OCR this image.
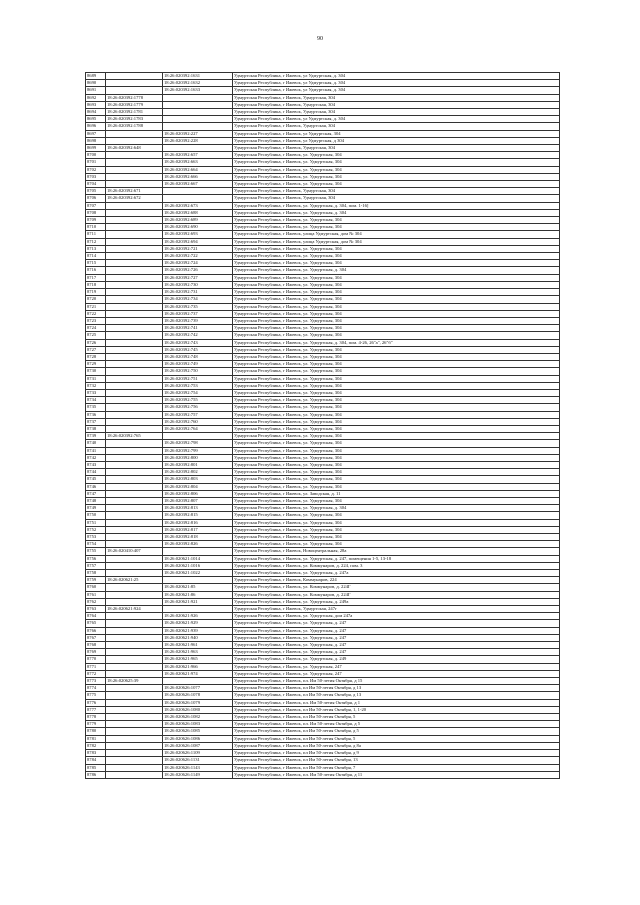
90
8689		18:26:020392:1631	Удмуртская Республика, г Ижевск, ул Удмуртская, д. 304
8690		18:26:020392:1632	Удмуртская Республика, г Ижевск, ул Удмуртская, д. 304
8691		18:26:020392:1633	Удмуртская Республика, г Ижевск, ул Удмуртская, д. 304
8692	18:26:020392:1778		Удмуртская Республика, г Ижевск, Удмуртская, 304
8693	18:26:020392:1779		Удмуртская Республика, г Ижевск, Удмуртская, 304
8694	18:26:020392:1781		Удмуртская Республика, г Ижевск, Удмуртская, 304
8695	18:26:020392:1783		Удмуртская Республика, г Ижевск, ул Удмуртская, д. 304
8696	18:26:020392:1788		Удмуртская Республика, г Ижевск, Удмуртская, 304
8697		18:26:020392:227	Удмуртская Республика, г Ижевск, ул Удмуртская, 304
8698		18:26:020392:228	Удмуртская Республика, г Ижевск, ул Удмуртская, д 304
8699	18:26:020392:648		Удмуртская Республика, г Ижевск, Удмуртская, 304
8700		18:26:020392:657	Удмуртская Республика, г Ижевск, ул. Удмуртская, 304
8701		18:26:020392:663	Удмуртская Республика, г Ижевск, ул. Удмуртская, 304
8702		18:26:020392:664	Удмуртская Республика, г Ижевск, ул. Удмуртская, 304
8703		18:26:020392:666	Удмуртская Республика, г Ижевск, ул. Удмуртская, 304
8704		18:26:020392:667	Удмуртская Республика, г Ижевск, ул. Удмуртская, 304
8705	18:26:020392:671		Удмуртская Республика, г Ижевск, Удмуртская, 304
8706	18:26:020392:672		Удмуртская Республика, г Ижевск, Удмуртская, 304
8707		18:26:020392:673	Удмуртская Республика, г Ижевск, ул. Удмуртская, д. 304, пом. 1-16]
8708		18:26:020392:688	Удмуртская Республика, г Ижевск, ул. Удмуртская, д. 304
8709		18:26:020392:689	Удмуртская Республика, г Ижевск, ул. Удмуртская, 304
8710		18:26:020392:690	Удмуртская Республика, г Ижевск, ул. Удмуртская, 304
8711		18:26:020392:693	Удмуртская Республика, г Ижевск, улица Удмуртская, дом № 304
8712		18:26:020392:694	Удмуртская Республика, г Ижевск, улица Удмуртская, дом № 304
8713		18:26:020392:721	Удмуртская Республика, г Ижевск, ул. Удмуртская, 304
8714		18:26:020392:722	Удмуртская Республика, г Ижевск, ул. Удмуртская, 304
8715		18:26:020392:724	Удмуртская Республика, г Ижевск, ул. Удмуртская, 304
8716		18:26:020392:726	Удмуртская Республика, г Ижевск, ул. Удмуртская, д. 304
8717		18:26:020392:727	Удмуртская Республика, г Ижевск, ул. Удмуртская, 304
8718		18:26:020392:730	Удмуртская Республика, г Ижевск, ул. Удмуртская, 304
8719		18:26:020392:731	Удмуртская Республика, г Ижевск, ул. Удмуртская, 304
8720		18:26:020392:734	Удмуртская Республика, г Ижевск, ул. Удмуртская, 304
8721		18:26:020392:735	Удмуртская Республика, г Ижевск, ул. Удмуртская, 304
8722		18:26:020392:737	Удмуртская Республика, г Ижевск, ул. Удмуртская, 304
8723		18:26:020392:739	Удмуртская Республика, г Ижевск, ул. Удмуртская, 304
8724		18:26:020392:741	Удмуртская Республика, г Ижевск, ул. Удмуртская, 304
8725		18:26:020392:742	Удмуртская Республика, г Ижевск, ул. Удмуртская, 304
8726		18:26:020392:743	Удмуртская Республика, г Ижевск, ул. Удмуртская, д. 304, пом. 4-26, 26"а", 26"б"
8727		18:26:020392:745	Удмуртская Республика, г Ижевск, ул. Удмуртская, 304
8728		18:26:020392:748	Удмуртская Республика, г Ижевск, ул. Удмуртская, 304
8729		18:26:020392:749	Удмуртская Республика, г Ижевск, ул. Удмуртская, 304
8730		18:26:020392:750	Удмуртская Республика, г Ижевск, ул. Удмуртская, 304
8731		18:26:020392:751	Удмуртская Республика, г Ижевск, ул. Удмуртская, 304
8732		18:26:020392:753	Удмуртская Республика, г Ижевск, ул. Удмуртская, 304
8733		18:26:020392:754	Удмуртская Республика, г Ижевск, ул. Удмуртская, 304
8734		18:26:020392:755	Удмуртская Республика, г Ижевск, ул. Удмуртская, 304
8735		18:26:020392:756	Удмуртская Республика, г Ижевск, ул. Удмуртская, 304
8736		18:26:020392:757	Удмуртская Республика, г Ижевск, ул. Удмуртская, 304
8737		18:26:020392:760	Удмуртская Республика, г Ижевск, ул. Удмуртская, 304
8738		18:26:020392:764	Удмуртская Республика, г Ижевск, ул. Удмуртская, 304
8739	18:26:020392:765		Удмуртская Республика, г Ижевск, ул. Удмуртская, 304
8740		18:26:020392:798	Удмуртская Республика, г Ижевск, ул. Удмуртская, 304
8741		18:26:020392:799	Удмуртская Республика, г Ижевск, ул. Удмуртская, 304
8742		18:26:020392:800	Удмуртская Республика, г Ижевск, ул. Удмуртская, 304
8743		18:26:020392:801	Удмуртская Республика, г Ижевск, ул. Удмуртская, 304
8744		18:26:020392:802	Удмуртская Республика, г Ижевск, ул. Удмуртская, 304
8745		18:26:020392:803	Удмуртская Республика, г Ижевск, ул. Удмуртская, 304
8746		18:26:020392:804	Удмуртская Республика, г Ижевск, ул. Удмуртская, 304
8747		18:26:020392:806	Удмуртская Республика, г Ижевск, ул. Заводская, д. 11
8748		18:26:020392:807	Удмуртская Республика, г Ижевск, ул. Удмуртская, 304
8749		18:26:020392:813	Удмуртская Республика, г Ижевск, ул. Удмуртская, д. 304
8750		18:26:020392:815	Удмуртская Республика, г Ижевск, ул. Удмуртская, 304
8751		18:26:020392:816	Удмуртская Республика, г Ижевск, ул. Удмуртская, 304
8752		18:26:020392:817	Удмуртская Республика, г Ижевск, ул. Удмуртская, 304
8753		18:26:020392:818	Удмуртская Республика, г Ижевск, ул. Удмуртская, 304
8754		18:26:020392:826	Удмуртская Республика, г Ижевск, ул. Удмуртская, 304
8755	18:26:020410:407		Удмуртская Республика, г Ижевск, Новоцентральная, 28а
8756		18:26:020621:1014	Удмуртская Республика, г Ижевск, ул. Удмуртская, д. 247, помещения 1-5, 13-18
8757		18:26:020621:1016	Удмуртская Республика, г Ижевск, ул. Коммунаров, д. 224, пом. 3
8758		18:26:020621:1022	Удмуртская Республика, г Ижевск, ул. Удмуртская, д. 247а
8759	18:26:020621:25		Удмуртская Республика, г Ижевск, Коммунаров, 224
8760		18:26:020621:85	Удмуртская Республика, г Ижевск, ул. Коммунаров, д. 224Г
8761		18:26:020621:86	Удмуртская Республика, г Ижевск, ул. Коммунаров, д. 224Г
8762		18:26:020621:921	Удмуртская Республика, г Ижевск, ул. Удмуртская, д. 249а
8763	18:26:020621:924		Удмуртская Республика, г Ижевск, Удмуртская, 247г
8764		18:26:020621:926	Удмуртская Республика, г Ижевск, ул. Удмуртская, дом 247а
8765		18:26:020621:929	Удмуртская Республика, г Ижевск, ул. Удмуртская, д. 247
8766		18:26:020621:939	Удмуртская Республика, г Ижевск, ул. Удмуртская, д. 247
8767		18:26:020621:940	Удмуртская Республика, г Ижевск, ул. Удмуртская, д. 247
8768		18:26:020621:961	Удмуртская Республика, г Ижевск, ул. Удмуртская, д. 247
8769		18:26:020621:963	Удмуртская Республика, г Ижевск, ул. Удмуртская, д. 247
8770		18:26:020621:965	Удмуртская Республика, г Ижевск, ул. Удмуртская, д. 249
8771		18:26:020621:966	Удмуртская Республика, г Ижевск, ул. Удмуртская, 247
8772		18:26:020621:974	Удмуртская Республика, г Ижевск, ул. Удмуртская, 247
8773	18:26:020625:39		Удмуртская Республика, г Ижевск, пл. Им 50-летия Октября, д 15
8774		18:26:020626:1077	Удмуртская Республика, г Ижевск, пл Им 50-летия Октября, д 13
8775		18:26:020626:1078	Удмуртская Республика, г Ижевск, пл Им 50-летия Октября, д 13
8776		18:26:020626:1079	Удмуртская Республика, г Ижевск, пл. Им 50-летия Октября, д 1
8777		18:26:020626:1080	Удмуртская Республика, г Ижевск, пл Им 50-летия Октября, 1, 1-20
8778		18:26:020626:1082	Удмуртская Республика, г Ижевск, пл Им 50-летия Октября, 5
8779		18:26:020626:1083	Удмуртская Республика, г Ижевск, пл. Им 50-летия Октября, д 5
8780		18:26:020626:1085	Удмуртская Республика, г Ижевск, пл Им 50-летия Октября, д 5
8781		18:26:020626:1086	Удмуртская Республика, г Ижевск, пл Им 50-летия Октября, 5
8782		18:26:020626:1087	Удмуртская Республика, г Ижевск, пл Им 50-летия Октября, д 8а
8783		18:26:020626:1109	Удмуртская Республика, г Ижевск, пл Им 50-летия Октября, д 9
8784		18:26:020626:1131	Удмуртская Республика, г Ижевск, пл Им 50-летия Октября, 13
8785		18:26:020626:1143	Удмуртская Республика, г Ижевск, пл Им 50-летия Октября, 7
8786		18:26:020626:1149	Удмуртская Республика, г Ижевск, пл. Им 50-летия Октября, д 11
